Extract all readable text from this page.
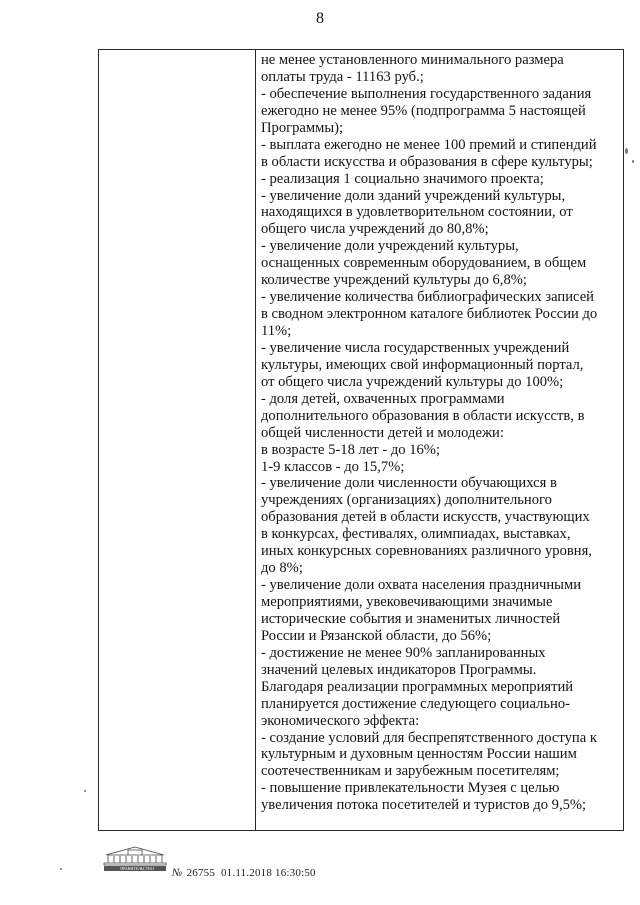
8
не менее установленного минимального размера
оплаты труда - 11163 руб.;
- обеспечение выполнения государственного задания
ежегодно не менее 95% (подпрограмма 5 настоящей
Программы);
- выплата ежегодно не менее 100 премий и стипендий
в области искусства и образования в сфере культуры;
- реализация 1 социально значимого проекта;
- увеличение доли зданий учреждений культуры,
находящихся в удовлетворительном состоянии, от
общего числа учреждений до 80,8%;
- увеличение доли учреждений культуры,
оснащенных современным оборудованием, в общем
количестве учреждений культуры до 6,8%;
- увеличение количества библиографических записей
в сводном электронном каталоге библиотек России до
11%;
- увеличение числа государственных учреждений
культуры, имеющих свой информационный портал,
от общего числа учреждений культуры до 100%;
- доля детей, охваченных программами
дополнительного образования в области искусств, в
общей численности детей и молодежи:
в возрасте 5-18 лет - до 16%;
1-9 классов - до 15,7%;
- увеличение доли численности обучающихся в
учреждениях (организациях) дополнительного
образования детей в области искусств, участвующих
в конкурсах, фестивалях, олимпиадах, выставках,
иных конкурсных соревнованиях различного уровня,
до 8%;
- увеличение доли охвата населения праздничными
мероприятиями, увековечивающими значимые
исторические события и знаменитых личностей
России и Рязанской области, до 56%;
- достижение не менее 90% запланированных
значений целевых индикаторов Программы.
Благодаря реализации программных мероприятий
планируется достижение следующего социально-
экономического эффекта:
- создание условий для беспрепятственного доступа к
культурным и духовным ценностям России нашим
соотечественникам и зарубежным посетителям;
- повышение привлекательности Музея с целью
увеличения потока посетителей и туристов до 9,5%;
ПРАВИТЕЛЬСТВО	№ 26755  01.11.2018 16:30:50
